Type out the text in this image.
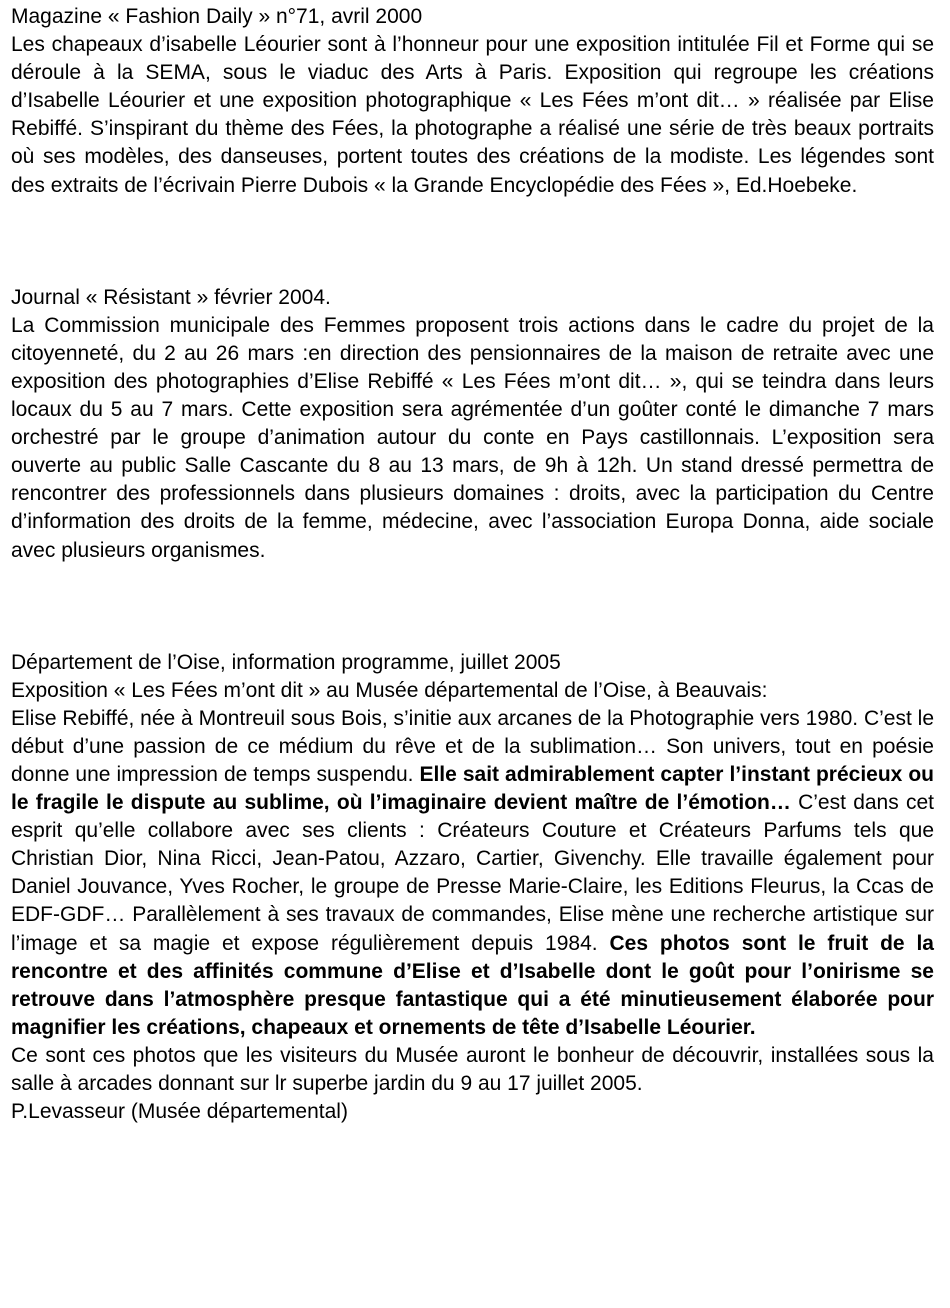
Magazine « Fashion Daily » n°71, avril 2000

Les chapeaux d’isabelle Léourier sont à l’honneur pour une exposition intitulée Fil et Forme qui se déroule à la SEMA, sous le viaduc des Arts à Paris. Exposition qui regroupe les créations d’Isabelle Léourier et une exposition photographique « Les Fées m’ont dit… » réalisée par Elise Rebiffé. S’inspirant du thème des Fées, la photographe a réalisé une série de très beaux portraits où ses modèles, des danseuses, portent toutes des créations de la modiste. Les légendes sont des extraits de l’écrivain Pierre Dubois « la Grande Encyclopédie des Fées », Ed.Hoebeke.

Journal « Résistant » février 2004.

La Commission municipale des Femmes proposent trois actions dans le cadre du projet de la citoyenneté, du 2 au 26 mars :en direction des pensionnaires de la maison de retraite avec une exposition des photographies d’Elise Rebiffé « Les Fées m’ont dit… », qui se teindra dans leurs locaux du 5 au 7 mars. Cette exposition sera agrémentée d’un goûter conté le dimanche 7 mars orchestré par le groupe d’animation autour du conte en Pays castillonnais. L’exposition sera ouverte au public Salle Cascante du 8 au 13 mars, de 9h à 12h. Un stand dressé permettra de rencontrer des professionnels dans plusieurs domaines : droits, avec la participation du Centre d’information des droits de la femme, médecine, avec l’association Europa Donna, aide sociale avec plusieurs organismes.

Département de l’Oise, information programme, juillet 2005

Exposition « Les Fées m’ont dit » au Musée départemental de l’Oise, à Beauvais:

Elise Rebiffé, née à Montreuil sous Bois, s’initie aux arcanes de la Photographie vers 1980. C’est le début d’une passion de ce médium du rêve et de la sublimation… Son univers, tout en poésie donne une impression de temps suspendu. Elle sait admirablement capter l’instant précieux ou le fragile le dispute au sublime, où l’imaginaire devient maître de l’émotion… C’est dans cet esprit qu’elle collabore avec ses clients : Créateurs Couture et Créateurs Parfums tels que Christian Dior, Nina Ricci, Jean-Patou, Azzaro, Cartier, Givenchy. Elle travaille également pour Daniel Jouvance, Yves Rocher, le groupe de Presse Marie-Claire, les Editions Fleurus, la Ccas de EDF-GDF… Parallèlement à ses travaux de commandes, Elise mène une recherche artistique sur l’image et sa magie et expose régulièrement depuis 1984. Ces photos sont le fruit de la rencontre et des affinités commune d’Elise et d’Isabelle dont le goût pour l’onirisme se retrouve dans l’atmosphère presque fantastique qui a été minutieusement élaborée pour magnifier les créations, chapeaux et ornements de tête d’Isabelle Léourier.

Ce sont ces photos que les visiteurs du Musée auront le bonheur de découvrir, installées sous la salle à arcades donnant sur lr superbe jardin du 9 au 17 juillet 2005.

P.Levasseur (Musée départemental)
